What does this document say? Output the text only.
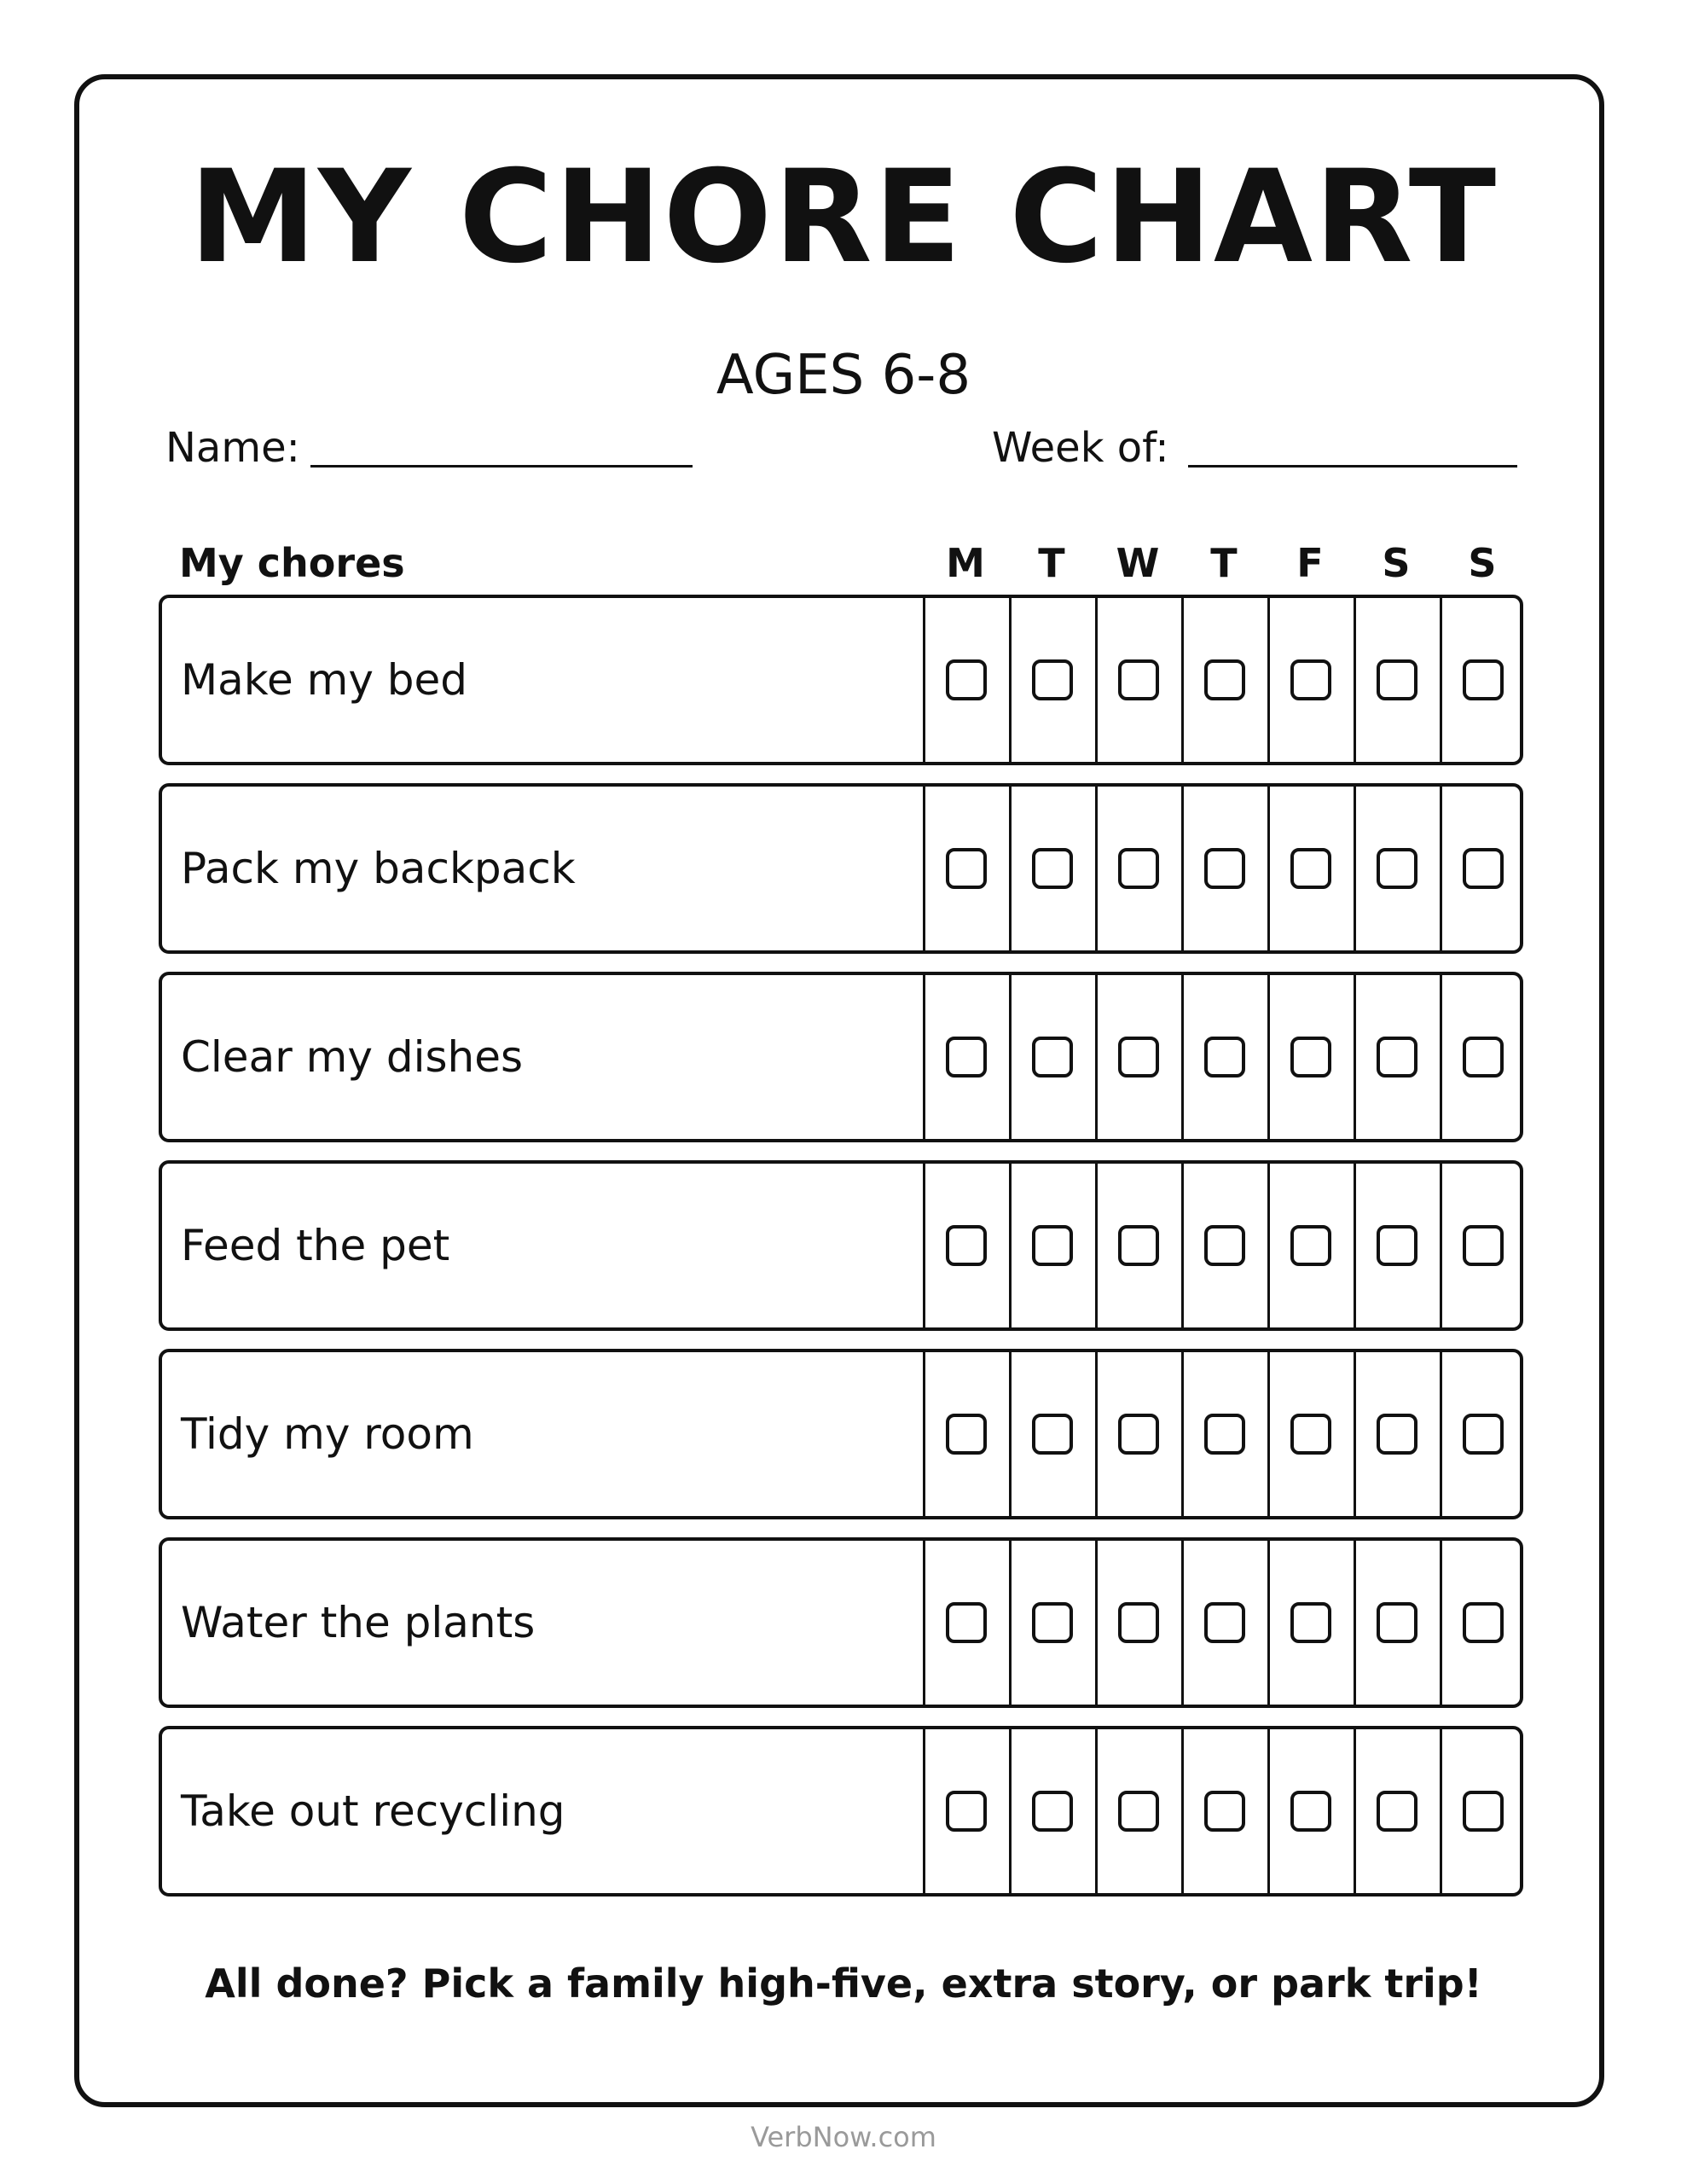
MY CHORE CHART
AGES 6-8
Name:	Week of:
My chores	M	T	W	T	F	S	S
Make my bed
Pack my backpack
Clear my dishes
Feed the pet
Tidy my room
Water the plants
Take out recycling
All done? Pick a family high-five, extra story, or park trip!
VerbNow.com
